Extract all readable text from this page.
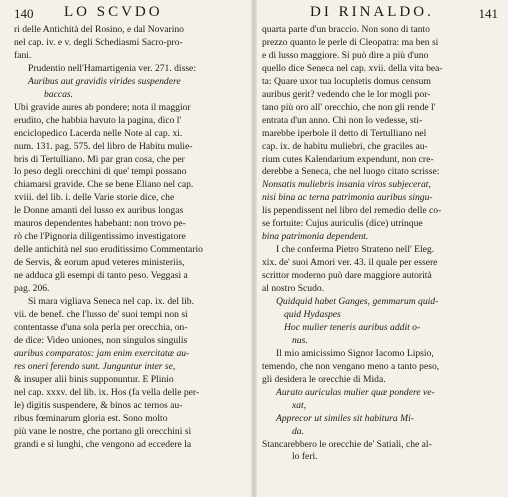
140 LO SCVDO
ri delle Antichità del Rosino, e dal Novarino
nel cap. iv. e v. degli Schediasmi Sacro-pro-
fani.
Prudentio nell'Hamartigenia ver. 271. disse:
Auribus aut gravidis virides suspendere
baccas.
Ubi gravide aures ab pondere; nota il maggior
erudito, che habbia havuto la pagina, dico l'
enciclopedico Lacerda nelle Note al cap. xi.
num. 131. pag. 575. del libro de Habitu mulie-
bris di Tertulliano. Mi par gran cosa, che per
lo peso degli orecchini di que' tempi possano
chiamarsi gravide. Che se bene Eliano nel cap.
xviii. del lib. i. delle Varie storie dice, che
le Donne amanti del lusso ex auribus longas
mauros dependentes habebant: non trovo pe-
rò che l'Pignoria diligentissimo investigatore
delle antichità nel suo eruditissimo Commentario
de Servis, & eorum apud veteres ministeriis,
ne adduca gli esempi di tanto peso. Veggasi a
pag. 206.
Si mara vigliava Seneca nel cap. ix. del lib.
vii. de benef. che l'lusso de' suoi tempi non si
contentasse d'una sola perla per orecchia, on-
de dice: Video uniones, non singulos singulis
auribus comparatos: jam enim exercitatæ au-
res oneri ferendo sunt. Junguntur inter se,
& insuper alii binis supponuntur. E Plinio
nel cap. xxxv. del lib. ix. Hos (fa vella delle per-
le) digitis suspendere, & binos ac ternos au-
ribus fœminarum gloria est. Sono molto
più vane le nostre, che portano gli orecchini sì
grandi e sì lunghi, che vengono ad eccedere la
DI RINALDO.	141
quarta parte d'un braccio. Non sono di tanto
prezzo quanto le perle di Cleopatra: ma ben sì
e di lusso maggiore. Si può dire a più d'uno
quello dice Seneca nel cap. xvii. della vita bea-
ta: Quare uxor tua locupletis domus censum
auribus gerit? vedendo che le lor mogli por-
tano più oro all' orecchio, che non gli rende l'
entrata d'un anno. Chi non lo vedesse, sti-
marebbe iperbole il detto di Tertulliano nel
cap. ix. de habitu muliebri, che graciles au-
rium cutes Kalendarium expendunt, non cre-
derebbe a Seneca, che nel luogo citato scrisse:
Nonsatis muliebris insania viros subjecerat,
nisi bina ac terna patrimonia auribus singu-
lis pependissent nel libro del remedio delle co-
se fortuite: Cujus auriculis (dice) utrinque
bina patrimonia dependent.
I che conferma Pietro Strateno nell' Eleg.
xix. de' suoi Amori ver. 43. il quale per essere
scrittor moderno può dare maggiore autorità
al nostro Scudo.
Quidquid habet Ganges, gemmarum quid-
quid Hydaspes
Hoc mulier teneris auribus addit o-
nus.
Il mio amicissimo Signor Iacomo Lipsio,
temendo, che non vengano meno a tanto peso,
gli desidera le orecchie di Mida.
Aurato auriculas mulier quæ pondere ve-
xat,
Apprecor ut similes sit habitura Mi-
da.
Stancarebbero le orecchie de' Satiali, che al-
lo feri.
